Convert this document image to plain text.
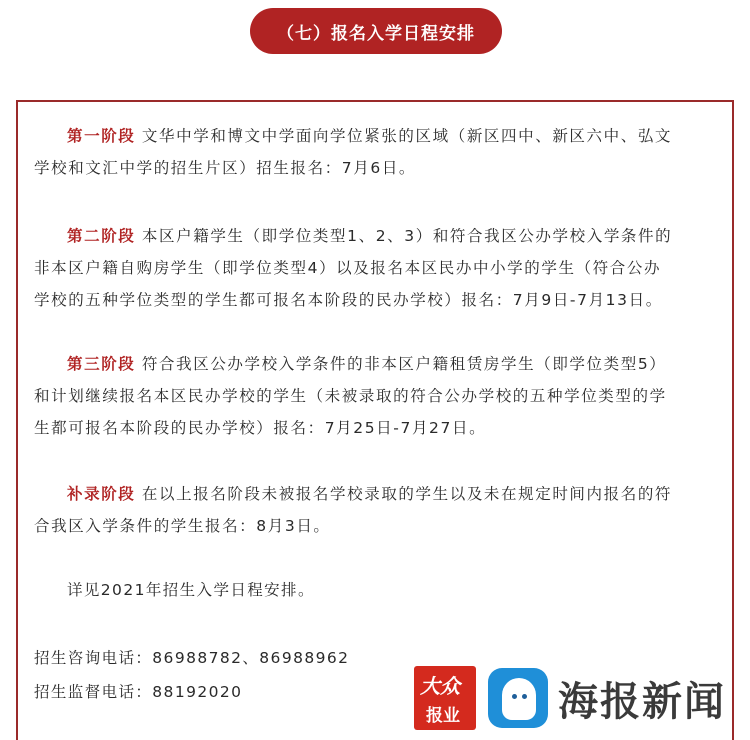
（七）报名入学日程安排
第一阶段 文华中学和博文中学面向学位紧张的区域（新区四中、新区六中、弘文
学校和文汇中学的招生片区）招生报名：7月6日。
第二阶段 本区户籍学生（即学位类型1、2、3）和符合我区公办学校入学条件的
非本区户籍自购房学生（即学位类型4）以及报名本区民办中小学的学生（符合公办
学校的五种学位类型的学生都可报名本阶段的民办学校）报名：7月9日-7月13日。
第三阶段 符合我区公办学校入学条件的非本区户籍租赁房学生（即学位类型5）
和计划继续报名本区民办学校的学生（未被录取的符合公办学校的五种学位类型的学
生都可报名本阶段的民办学校）报名：7月25日-7月27日。
补录阶段 在以上报名阶段未被报名学校录取的学生以及未在规定时间内报名的符
合我区入学条件的学生报名：8月3日。
详见2021年招生入学日程安排。
招生咨询电话：86988782、86988962
招生监督电话：88192020	大众
报业 海报新闻
